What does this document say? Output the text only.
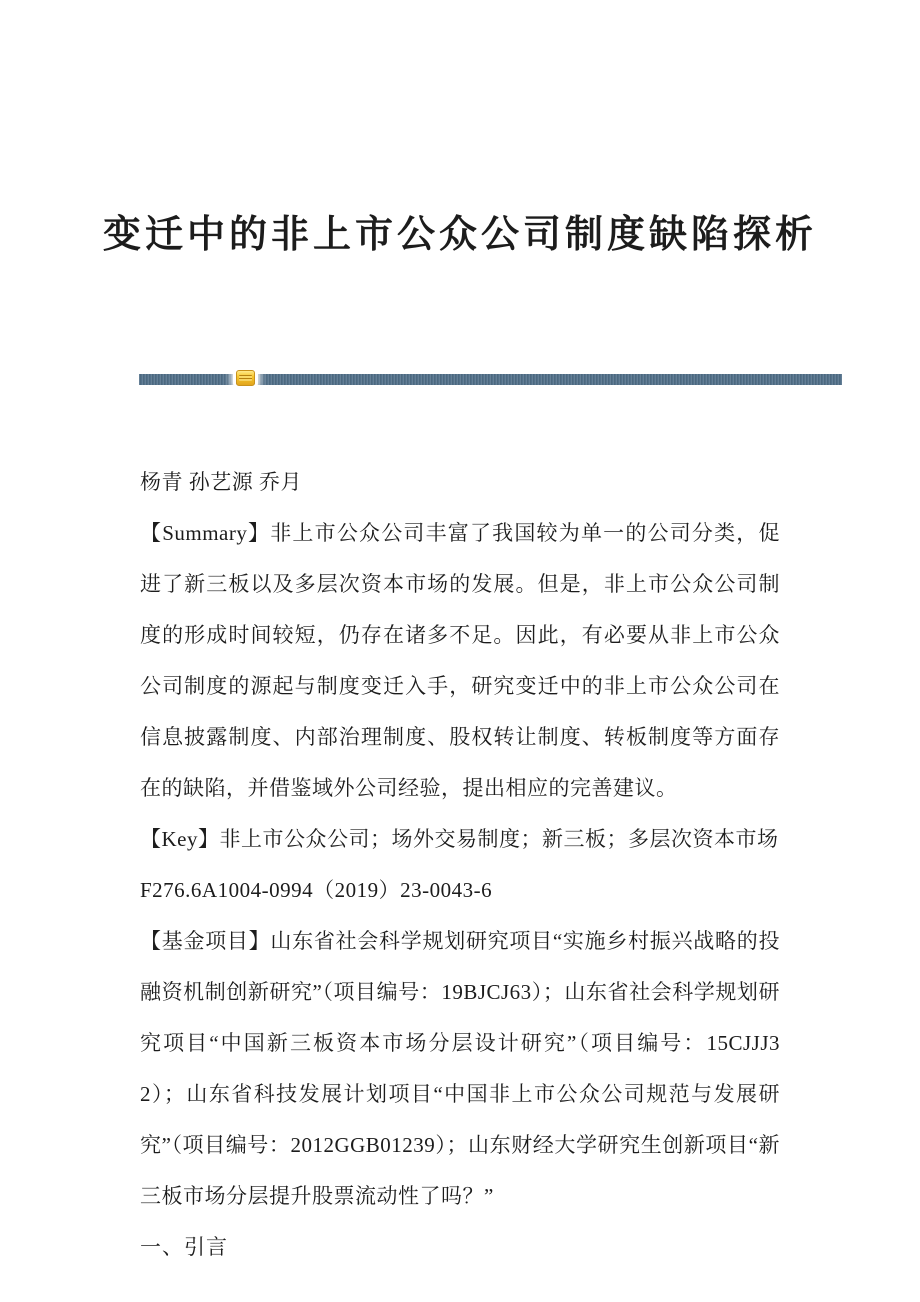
变迁中的非上市公众公司制度缺陷探析

杨青 孙艺源 乔月

【Summary】非上市公众公司丰富了我国较为单一的公司分类，促进了新三板以及多层次资本市场的发展。但是，非上市公众公司制度的形成时间较短，仍存在诸多不足。因此，有必要从非上市公众公司制度的源起与制度变迁入手，研究变迁中的非上市公众公司在信息披露制度、内部治理制度、股权转让制度、转板制度等方面存在的缺陷，并借鉴域外公司经验，提出相应的完善建议。

【Key】非上市公众公司；场外交易制度；新三板；多层次资本市场

F276.6A1004-0994（2019）23-0043-6

【基金项目】山东省社会科学规划研究项目“实施乡村振兴战略的投融资机制创新研究”（项目编号：19BJCJ63）；山东省社会科学规划研究项目“中国新三板资本市场分层设计研究”（项目编号：15CJJJ32）；山东省科技发展计划项目“中国非上市公众公司规范与发展研究”（项目编号：2012GGB01239）；山东财经大学研究生创新项目“新三板市场分层提升股票流动性了吗？”

一、引言
